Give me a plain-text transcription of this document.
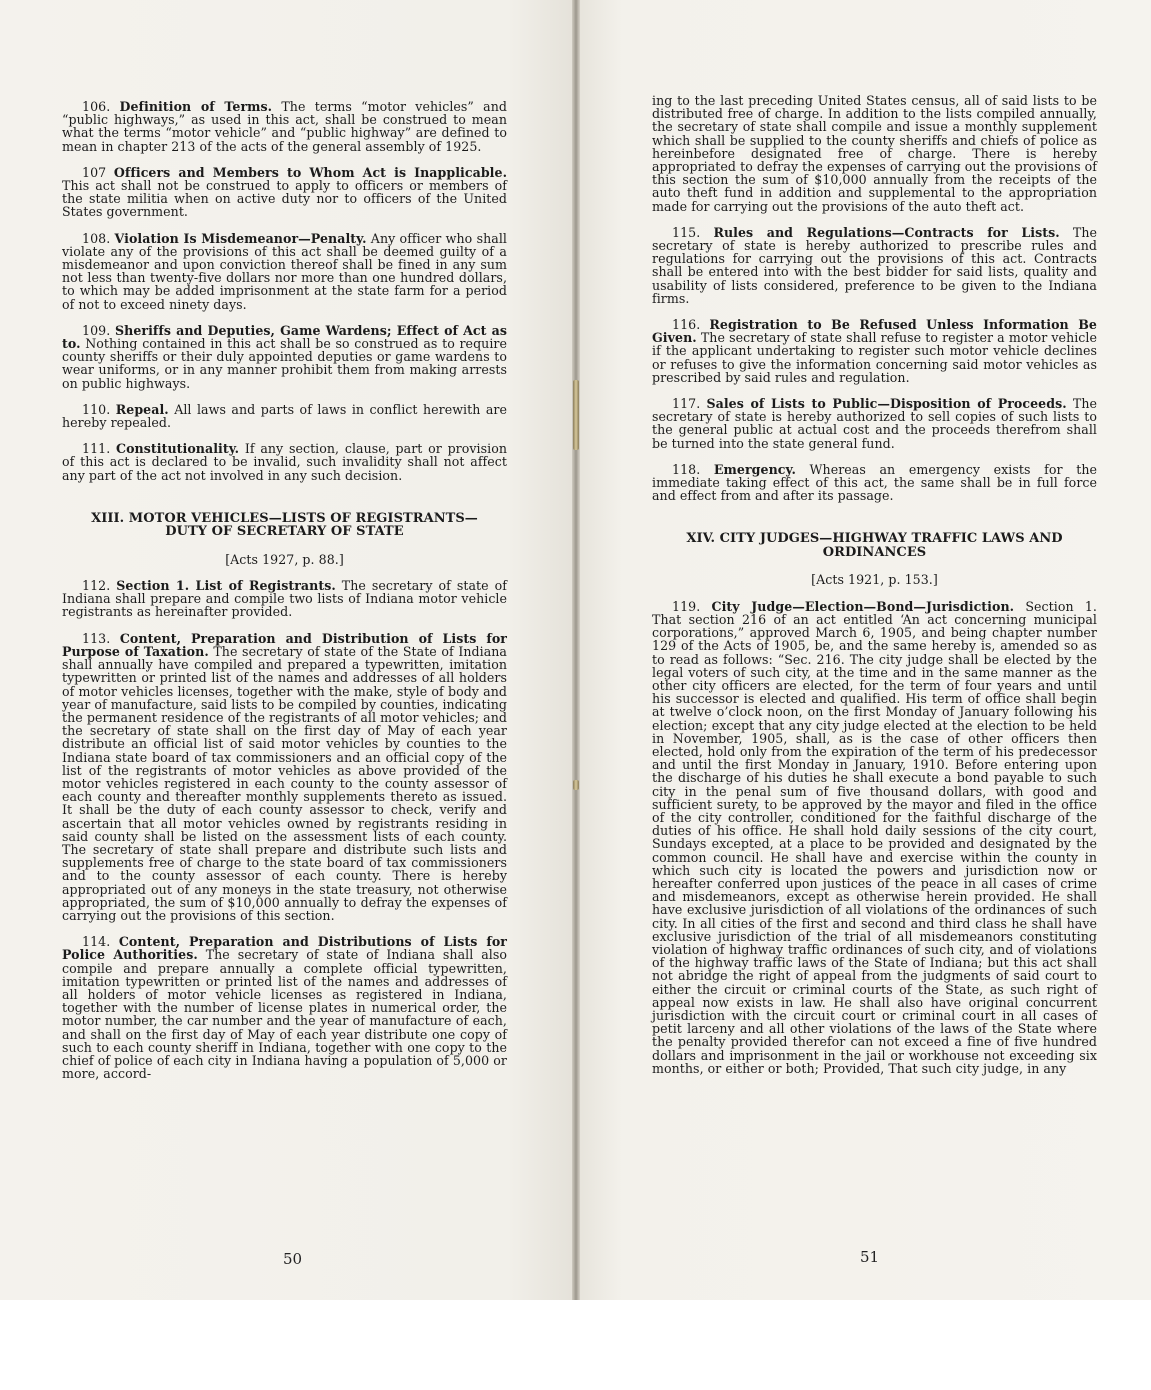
106. Definition of Terms. The terms “motor vehicles” and “public highways,” as used in this act, shall be construed to mean what the terms “motor vehicle” and “public highway” are defined to mean in chapter 213 of the acts of the general assembly of 1925.

107 Officers and Members to Whom Act is Inapplicable. This act shall not be construed to apply to officers or members of the state militia when on active duty nor to officers of the United States government.

108. Violation Is Misdemeanor—Penalty. Any officer who shall violate any of the provisions of this act shall be deemed guilty of a misdemeanor and upon conviction thereof shall be fined in any sum not less than twenty-five dollars nor more than one hundred dollars, to which may be added imprisonment at the state farm for a period of not to exceed ninety days.

109. Sheriffs and Deputies, Game Wardens; Effect of Act as to. Nothing contained in this act shall be so construed as to require county sheriffs or their duly appointed deputies or game wardens to wear uniforms, or in any manner prohibit them from making arrests on public highways.

110. Repeal. All laws and parts of laws in conflict herewith are hereby repealed.

111. Constitutionality. If any section, clause, part or provision of this act is declared to be invalid, such invalidity shall not affect any part of the act not involved in any such decision.

XIII. MOTOR VEHICLES—LISTS OF REGISTRANTS—
DUTY OF SECRETARY OF STATE

[Acts 1927, p. 88.]

112. Section 1. List of Registrants. The secretary of state of Indiana shall prepare and compile two lists of Indiana motor vehicle registrants as hereinafter provided.

113. Content, Preparation and Distribution of Lists for Purpose of Taxation. The secretary of state of the State of Indiana shall annually have compiled and prepared a typewritten, imitation typewritten or printed list of the names and addresses of all holders of motor vehicles licenses, together with the make, style of body and year of manufacture, said lists to be compiled by counties, indicating the permanent residence of the registrants of all motor vehicles; and the secretary of state shall on the first day of May of each year distribute an official list of said motor vehicles by counties to the Indiana state board of tax commissioners and an official copy of the list of the registrants of motor vehicles as above provided of the motor vehicles registered in each county to the county assessor of each county and thereafter monthly supplements thereto as issued. It shall be the duty of each county assessor to check, verify and ascertain that all motor vehicles owned by registrants residing in said county shall be listed on the assessment lists of each county. The secretary of state shall prepare and distribute such lists and supplements free of charge to the state board of tax commissioners and to the county assessor of each county. There is hereby appropriated out of any moneys in the state treasury, not otherwise appropriated, the sum of $10,000 annually to defray the expenses of carrying out the provisions of this section.

114. Content, Preparation and Distributions of Lists for Police Authorities. The secretary of state of Indiana shall also compile and prepare annually a complete official typewritten, imitation typewritten or printed list of the names and addresses of all holders of motor vehicle licenses as registered in Indiana, together with the number of license plates in numerical order, the motor number, the car number and the year of manufacture of each, and shall on the first day of May of each year distribute one copy of such to each county sheriff in Indiana, together with one copy to the chief of police of each city in Indiana having a population of 5,000 or more, accord-

50

ing to the last preceding United States census, all of said lists to be distributed free of charge. In addition to the lists compiled annually, the secretary of state shall compile and issue a monthly supplement which shall be supplied to the county sheriffs and chiefs of police as hereinbefore designated free of charge. There is hereby appropriated to defray the expenses of carrying out the provisions of this section the sum of $10,000 annually from the receipts of the auto theft fund in addition and supplemental to the appropriation made for carrying out the provisions of the auto theft act.

115. Rules and Regulations—Contracts for Lists. The secretary of state is hereby authorized to prescribe rules and regulations for carrying out the provisions of this act. Contracts shall be entered into with the best bidder for said lists, quality and usability of lists considered, preference to be given to the Indiana firms.

116. Registration to Be Refused Unless Information Be Given. The secretary of state shall refuse to register a motor vehicle if the applicant undertaking to register such motor vehicle declines or refuses to give the information concerning said motor vehicles as prescribed by said rules and regulation.

117. Sales of Lists to Public—Disposition of Proceeds. The secretary of state is hereby authorized to sell copies of such lists to the general public at actual cost and the proceeds therefrom shall be turned into the state general fund.

118. Emergency. Whereas an emergency exists for the immediate taking effect of this act, the same shall be in full force and effect from and after its passage.

XIV. CITY JUDGES—HIGHWAY TRAFFIC LAWS AND
ORDINANCES

[Acts 1921, p. 153.]

119. City Judge—Election—Bond—Jurisdiction. Section 1. That section 216 of an act entitled ‘An act concerning municipal corporations,” approved March 6, 1905, and being chapter number 129 of the Acts of 1905, be, and the same hereby is, amended so as to read as follows: “Sec. 216. The city judge shall be elected by the legal voters of such city, at the time and in the same manner as the other city officers are elected, for the term of four years and until his successor is elected and qualified. His term of office shall begin at twelve o’clock noon, on the first Monday of January following his election; except that any city judge elected at the election to be held in November, 1905, shall, as is the case of other officers then elected, hold only from the expiration of the term of his predecessor and until the first Monday in January, 1910. Before entering upon the discharge of his duties he shall execute a bond payable to such city in the penal sum of five thousand dollars, with good and sufficient surety, to be approved by the mayor and filed in the office of the city controller, conditioned for the faithful discharge of the duties of his office. He shall hold daily sessions of the city court, Sundays excepted, at a place to be provided and designated by the common council. He shall have and exercise within the county in which such city is located the powers and jurisdiction now or hereafter conferred upon justices of the peace in all cases of crime and misdemeanors, except as otherwise herein provided. He shall have exclusive jurisdiction of all violations of the ordinances of such city. In all cities of the first and second and third class he shall have exclusive jurisdiction of the trial of all misdemeanors constituting violation of highway traffic ordinances of such city, and of violations of the highway traffic laws of the State of Indiana; but this act shall not abridge the right of appeal from the judgments of said court to either the circuit or criminal courts of the State, as such right of appeal now exists in law. He shall also have original concurrent jurisdiction with the circuit court or criminal court in all cases of petit larceny and all other violations of the laws of the State where the penalty provided therefor can not exceed a fine of five hundred dollars and imprisonment in the jail or workhouse not exceeding six months, or either or both; Provided, That such city judge, in any

51
